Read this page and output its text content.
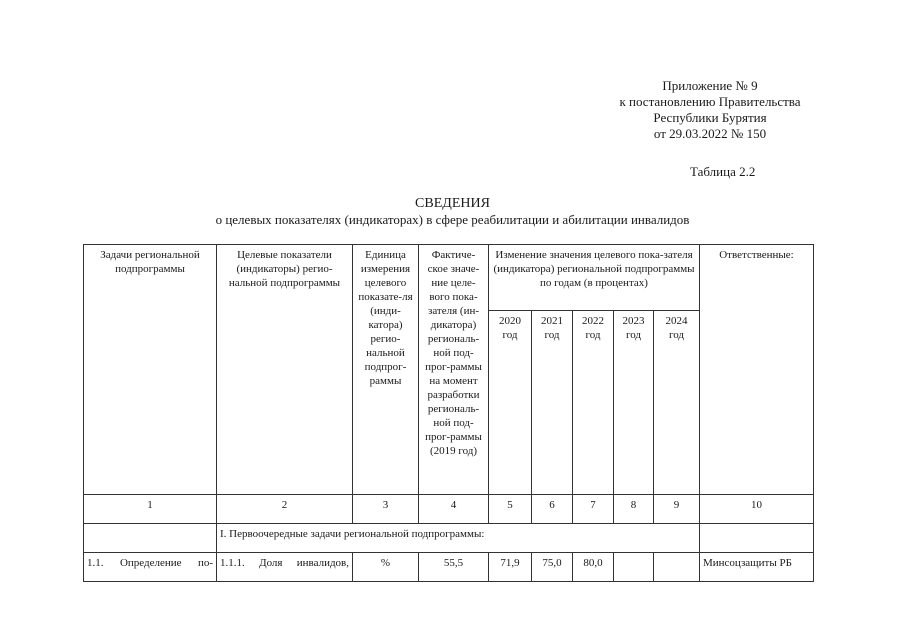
Приложение № 9
к постановлению Правительства
Республики Бурятия
от 29.03.2022 № 150
Таблица 2.2
СВЕДЕНИЯ
о целевых показателях (индикаторах) в сфере реабилитации и абилитации инвалидов
Задачи региональной подпрограммы	Целевые показатели (индикаторы) регио-нальной подпрограммы	Единица измерения целевого показате-ля (инди-катора) регио-нальной подпрог-раммы	Фактиче-ское значе-ние целе-вого пока-зателя (ин-дикатора) региональ-ной под-прог-раммы на момент разработки региональ-ной под-прог-раммы (2019 год)	Изменение значения целевого пока-зателя (индикатора) региональной подпрограммы по годам (в процентах)					Ответственные:
				2020 год	2021 год	2022 год	2023 год	2024 год	
1	2	3	4	5	6	7	8	9	10
	I. Первоочередные задачи региональной подпрограммы:								
1.1. Определение по-	1.1.1. Доля инвалидов,	%	55,5	71,9	75,0	80,0			Минсоцзащиты РБ
